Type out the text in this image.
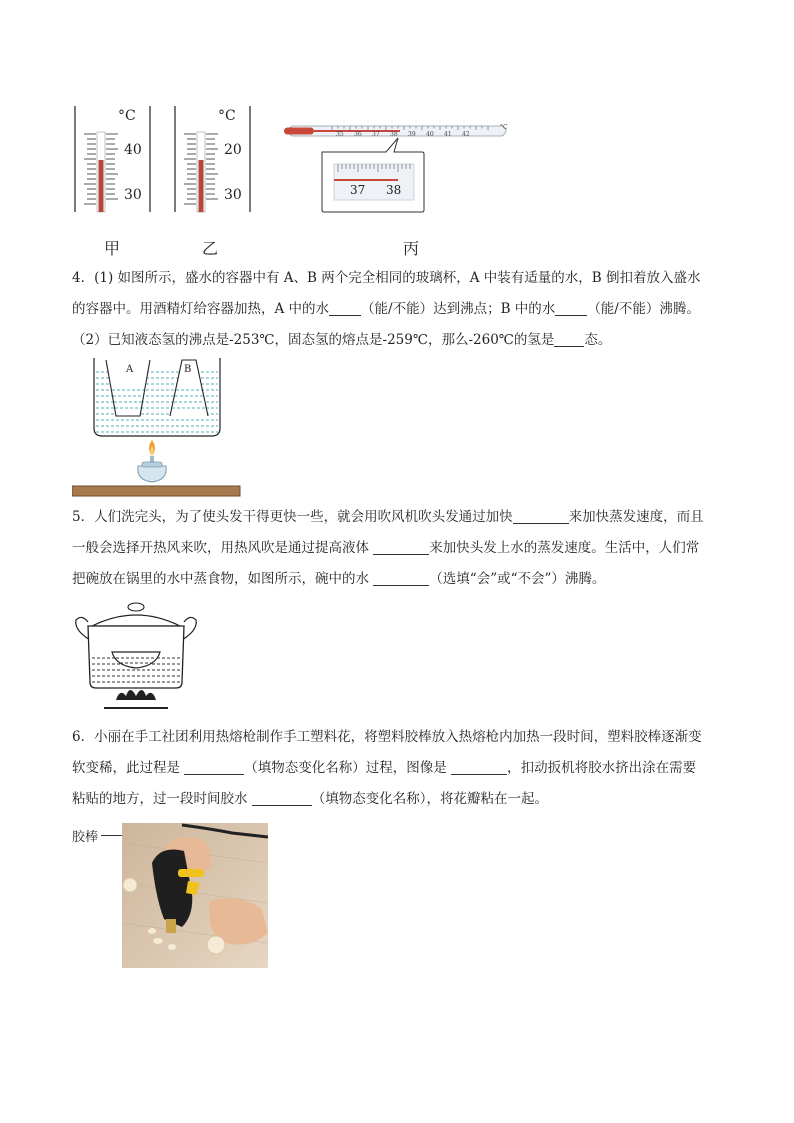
°C
40
30
°C
20
30
35 36 37 38 39 40 41 42
°C
37 38
甲	乙	丙
4．(1) 如图所示，盛水的容器中有 A、B 两个完全相同的玻璃杯，A 中装有适量的水，B 倒扣着放入盛水
的容器中。用酒精灯给容器加热，A 中的水 （能/不能）达到沸点；B 中的水 （能/不能）沸腾。
（2）已知液态氢的沸点是-253℃，固态氢的熔点是-259℃，那么-260℃的氢是 态。
A	B
5．人们洗完头，为了使头发干得更快一些，就会用吹风机吹头发通过加快	来加快蒸发速度，而且
一般会选择开热风来吹，用热风吹是通过提高液体	来加快头发上水的蒸发速度。生活中，人们常
把碗放在锅里的水中蒸食物，如图所示，碗中的水	（选填“会”或“不会”）沸腾。
6．小丽在手工社团利用热熔枪制作手工塑料花，将塑料胶棒放入热熔枪内加热一段时间，塑料胶棒逐渐变
软变稀，此过程是	（填物态变化名称）过程，图像是	，扣动扳机将胶水挤出涂在需要
粘贴的地方，过一段时间胶水	（填物态变化名称），将花瓣粘在一起。
胶棒
